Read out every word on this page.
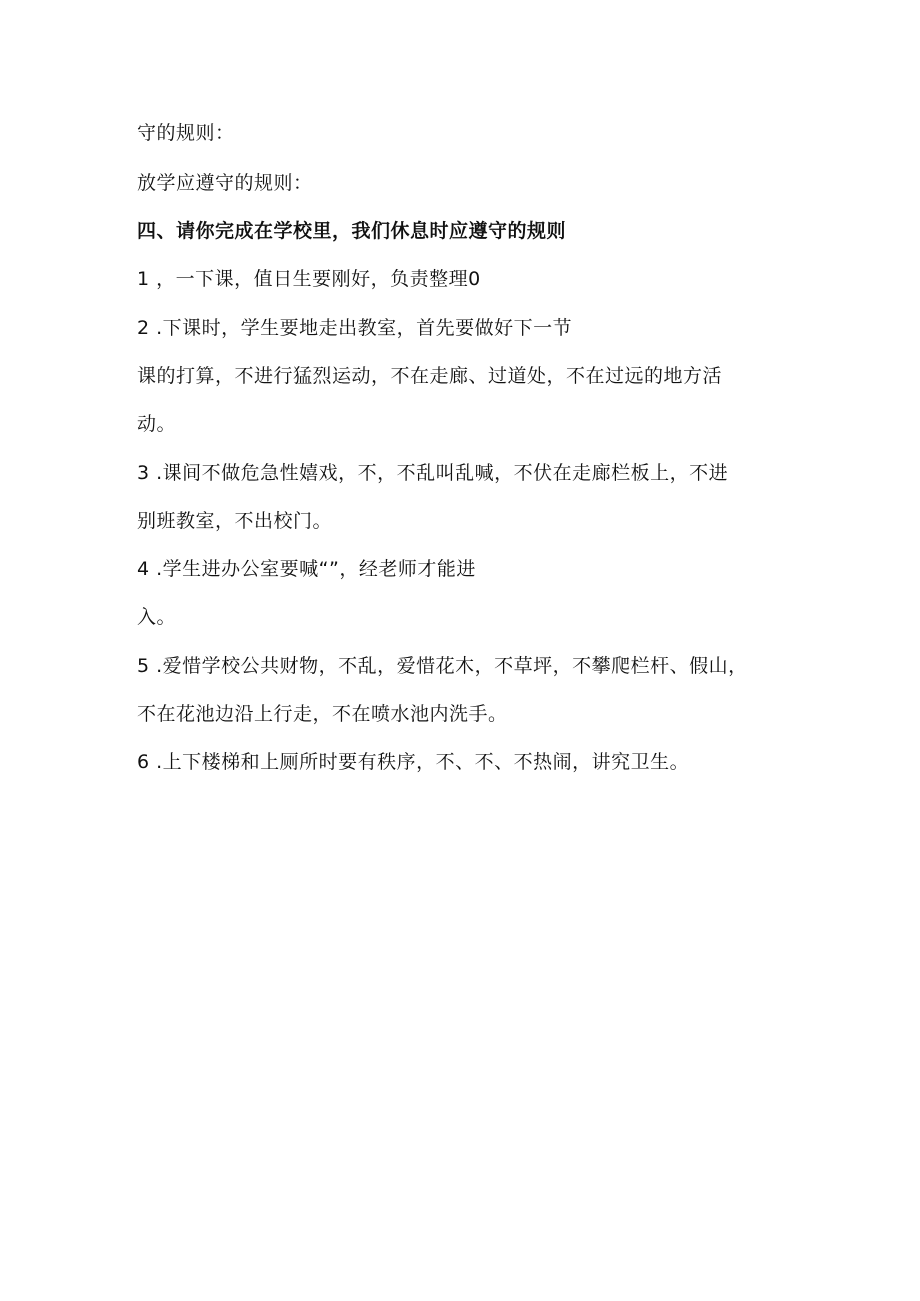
守的规则：
放学应遵守的规则：
四、请你完成在学校里，我们休息时应遵守的规则
1 ，一下课，值日生要刚好，负责整理0
2 .下课时，学生要地走出教室，首先要做好下一节
课的打算，不进行猛烈运动，不在走廊、过道处，不在过远的地方活
动。
3 .课间不做危急性嬉戏，不，不乱叫乱喊，不伏在走廊栏板上，不进
别班教室，不出校门。
4 .学生进办公室要喊“”，经老师才能进
入。
5 .爱惜学校公共财物，不乱，爱惜花木，不草坪，不攀爬栏杆、假山，
不在花池边沿上行走，不在喷水池内洗手。
6 .上下楼梯和上厕所时要有秩序，不、不、不热闹，讲究卫生。
